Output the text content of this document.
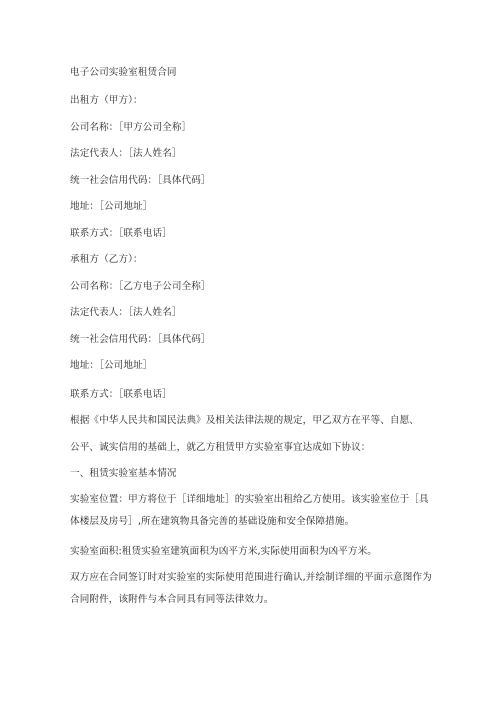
电子公司实验室租赁合同
出租方（甲方）：
公司名称：［甲方公司全称］
法定代表人：［法人姓名］
统一社会信用代码：［具体代码］
地址：［公司地址］
联系方式：［联系电话］
承租方（乙方）：
公司名称：［乙方电子公司全称］
法定代表人：［法人姓名］
统一社会信用代码：［具体代码］
地址：［公司地址］
联系方式：［联系电话］
根据《中华人民共和国民法典》及相关法律法规的规定，甲乙双方在平等、自愿、
公平、诚实信用的基础上，就乙方租赁甲方实验室事宜达成如下协议：
一、租赁实验室基本情况
实验室位置：甲方将位于［详细地址］的实验室出租给乙方使用。该实验室位于［具体楼层及房号］,所在建筑物具备完善的基础设施和安全保障措施。
实验室面积:租赁实验室建筑面积为凶平方米,实际使用面积为凶平方米。
双方应在合同签订时对实验室的实际使用范围进行确认,并绘制详细的平面示意图作为合同附件，该附件与本合同具有同等法律效力。
